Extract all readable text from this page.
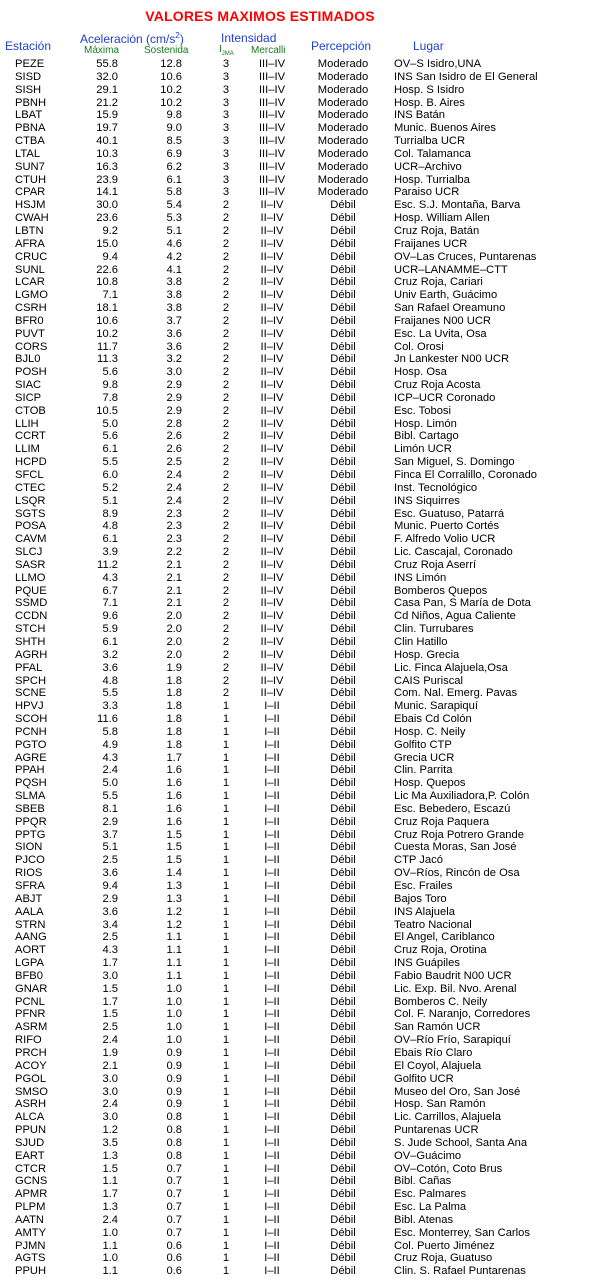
VALORES MAXIMOS ESTIMADOS
Estación Aceleración $(cm/s^2)$
Máxima Sostenida
Intensidad
$I_{JMA}$ Mercalli Percepción	Lugar
PEZE	55.8	12.8	3	III–IV	Moderado	OV–S Isidro,UNA
SISD	32.0	10.6	3	III–IV	Moderado	INS San Isidro de El General
SISH	29.1	10.2	3	III–IV	Moderado	Hosp. S Isidro
PBNH	21.2	10.2	3	III–IV	Moderado	Hosp. B. Aires
LBAT	15.9	9.8	3	III–IV	Moderado	INS Batán
PBNA	19.7	9.0	3	III–IV	Moderado	Munic. Buenos Aires
CTBA	40.1	8.5	3	III–IV	Moderado	Turrialba UCR
LTAL	10.3	6.9	3	III–IV	Moderado	Col. Talamanca
SUN7	16.3	6.2	3	III–IV	Moderado	UCR–Archivo
CTUH	23.9	6.1	3	III–IV	Moderado	Hosp. Turrialba
CPAR	14.1	5.8	3	III–IV	Moderado	Paraiso UCR
HSJM	30.0	5.4	2	II–IV	Débil	Esc. S.J. Montaña, Barva
CWAH	23.6	5.3	2	II–IV	Débil	Hosp. William Allen
LBTN	9.2	5.1	2	II–IV	Débil	Cruz Roja, Batán
AFRA	15.0	4.6	2	II–IV	Débil	Fraijanes UCR
CRUC	9.4	4.2	2	II–IV	Débil	OV–Las Cruces, Puntarenas
SUNL	22.6	4.1	2	II–IV	Débil	UCR–LANAMME–CTT
LCAR	10.8	3.8	2	II–IV	Débil	Cruz Roja, Cariari
LGMO	7.1	3.8	2	II–IV	Débil	Univ Earth, Guácimo
CSRH	18.1	3.8	2	II–IV	Débil	San Rafael Oreamuno
BFR0	10.6	3.7	2	II–IV	Débil	Fraijanes N00 UCR
PUVT	10.2	3.6	2	II–IV	Débil	Esc. La Uvita, Osa
CORS	11.7	3.6	2	II–IV	Débil	Col. Orosi
BJL0	11.3	3.2	2	II–IV	Débil	Jn Lankester N00 UCR
POSH	5.6	3.0	2	II–IV	Débil	Hosp. Osa
SIAC	9.8	2.9	2	II–IV	Débil	Cruz Roja Acosta
SICP	7.8	2.9	2	II–IV	Débil	ICP–UCR Coronado
CTOB	10.5	2.9	2	II–IV	Débil	Esc. Tobosi
LLIH	5.0	2.8	2	II–IV	Débil	Hosp. Limón
CCRT	5.6	2.6	2	II–IV	Débil	Bibl. Cartago
LLIM	6.1	2.6	2	II–IV	Débil	Limón UCR
HCPD	5.5	2.5	2	II–IV	Débil	San Miguel, S. Domingo
SFCL	6.0	2.4	2	II–IV	Débil	Finca El Corralillo, Coronado
CTEC	5.2	2.4	2	II–IV	Débil	Inst. Tecnológico
LSQR	5.1	2.4	2	II–IV	Débil	INS Siquirres
SGTS	8.9	2.3	2	II–IV	Débil	Esc. Guatuso, Patarrá
POSA	4.8	2.3	2	II–IV	Débil	Munic. Puerto Cortés
CAVM	6.1	2.3	2	II–IV	Débil	F. Alfredo Volio UCR
SLCJ	3.9	2.2	2	II–IV	Débil	Lic. Cascajal, Coronado
SASR	11.2	2.1	2	II–IV	Débil	Cruz Roja Aserrí
LLMO	4.3	2.1	2	II–IV	Débil	INS Limón
PQUE	6.7	2.1	2	II–IV	Débil	Bomberos Quepos
SSMD	7.1	2.1	2	II–IV	Débil	Casa Pan, S María de Dota
CCDN	9.6	2.0	2	II–IV	Débil	Cd Niños, Agua Caliente
STCH	5.9	2.0	2	II–IV	Débil	Clin. Turrubares
SHTH	6.1	2.0	2	II–IV	Débil	Clin Hatillo
AGRH	3.2	2.0	2	II–IV	Débil	Hosp. Grecia
PFAL	3.6	1.9	2	II–IV	Débil	Lic. Finca Alajuela,Osa
SPCH	4.8	1.8	2	II–IV	Débil	CAIS Puriscal
SCNE	5.5	1.8	2	II–IV	Débil	Com. Nal. Emerg. Pavas
HPVJ	3.3	1.8	1	I–II	Débil	Munic. Sarapiquí
SCOH	11.6	1.8	1	I–II	Débil	Ebais Cd Colón
PCNH	5.8	1.8	1	I–II	Débil	Hosp. C. Neily
PGTO	4.9	1.8	1	I–II	Débil	Golfito CTP
AGRE	4.3	1.7	1	I–II	Débil	Grecia UCR
PPAH	2.4	1.6	1	I–II	Débil	Clin. Parrita
PQSH	5.0	1.6	1	I–II	Débil	Hosp. Quepos
SLMA	5.5	1.6	1	I–II	Débil	Lic Ma Auxiliadora,P. Colón
SBEB	8.1	1.6	1	I–II	Débil	Esc. Bebedero, Escazú
PPQR	2.9	1.6	1	I–II	Débil	Cruz Roja Paquera
PPTG	3.7	1.5	1	I–II	Débil	Cruz Roja Potrero Grande
SION	5.1	1.5	1	I–II	Débil	Cuesta Moras, San José
PJCO	2.5	1.5	1	I–II	Débil	CTP Jacó
RIOS	3.6	1.4	1	I–II	Débil	OV–Ríos, Rincón de Osa
SFRA	9.4	1.3	1	I–II	Débil	Esc. Frailes
ABJT	2.9	1.3	1	I–II	Débil	Bajos Toro
AALA	3.6	1.2	1	I–II	Débil	INS Alajuela
STRN	3.4	1.2	1	I–II	Débil	Teatro Nacional
AANG	2.5	1.1	1	I–II	Débil	El Angel, Cariblanco
AORT	4.3	1.1	1	I–II	Débil	Cruz Roja, Orotina
LGPA	1.7	1.1	1	I–II	Débil	INS Guápiles
BFB0	3.0	1.1	1	I–II	Débil	Fabio Baudrit N00 UCR
GNAR	1.5	1.0	1	I–II	Débil	Lic. Exp. Bil. Nvo. Arenal
PCNL	1.7	1.0	1	I–II	Débil	Bomberos C. Neily
PFNR	1.5	1.0	1	I–II	Débil	Col. F. Naranjo, Corredores
ASRM	2.5	1.0	1	I–II	Débil	San Ramón UCR
RIFO	2.4	1.0	1	I–II	Débil	OV–Río Frío, Sarapiquí
PRCH	1.9	0.9	1	I–II	Débil	Ebais Río Claro
ACOY	2.1	0.9	1	I–II	Débil	El Coyol, Alajuela
PGOL	3.0	0.9	1	I–II	Débil	Golfito UCR
SMSO	3.0	0.9	1	I–II	Débil	Museo del Oro, San José
ASRH	2.4	0.9	1	I–II	Débil	Hosp. San Ramón
ALCA	3.0	0.8	1	I–II	Débil	Lic. Carrillos, Alajuela
PPUN	1.2	0.8	1	I–II	Débil	Puntarenas UCR
SJUD	3.5	0.8	1	I–II	Débil	S. Jude School, Santa Ana
EART	1.3	0.8	1	I–II	Débil	OV–Guácimo
CTCR	1.5	0.7	1	I–II	Débil	OV–Cotón, Coto Brus
GCNS	1.1	0.7	1	I–II	Débil	Bibl. Cañas
APMR	1.7	0.7	1	I–II	Débil	Esc. Palmares
PLPM	1.3	0.7	1	I–II	Débil	Esc. La Palma
AATN	2.4	0.7	1	I–II	Débil	Bibl. Atenas
AMTY	1.0	0.7	1	I–II	Débil	Esc. Monterrey, San Carlos
PJMN	1.1	0.6	1	I–II	Débil	Col. Puerto Jiménez
AGTS	1.0	0.6	1	I–II	Débil	Cruz Roja, Guatuso
PPUH	1.1	0.6	1	I–II	Débil	Clin. S. Rafael Puntarenas
